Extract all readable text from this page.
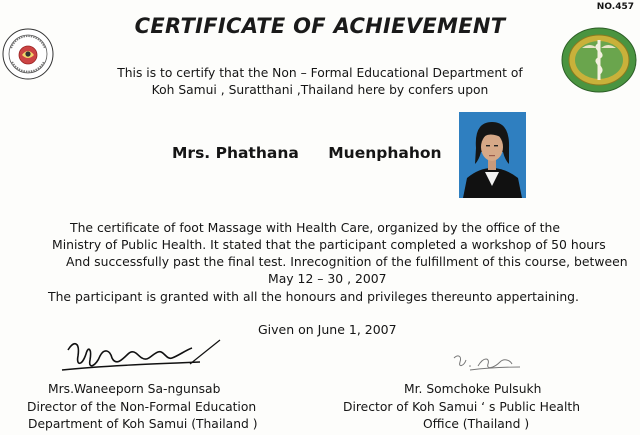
NO.457
CERTIFICATE OF ACHIEVEMENT
This is to certify that the Non – Formal Educational Department of
Koh Samui , Suratthani ,Thailand here by confers upon
Mrs. Phathana Muenphahon
The certificate of foot Massage with Health Care, organized by the office of the
Ministry of Public Health. It stated that the participant completed a workshop of 50 hours
And successfully past the final test. Inrecognition of the fulfillment of this course, between
May 12 – 30 , 2007
The participant is granted with all the honours and privileges thereunto appertaining.
Given on June 1, 2007
Mrs.Waneeporn Sa-ngunsab
Director of the Non-Formal Education
Department of Koh Samui (Thailand )
Mr. Somchoke Pulsukh
Director of Koh Samui ‘ s Public Health
Office (Thailand )
